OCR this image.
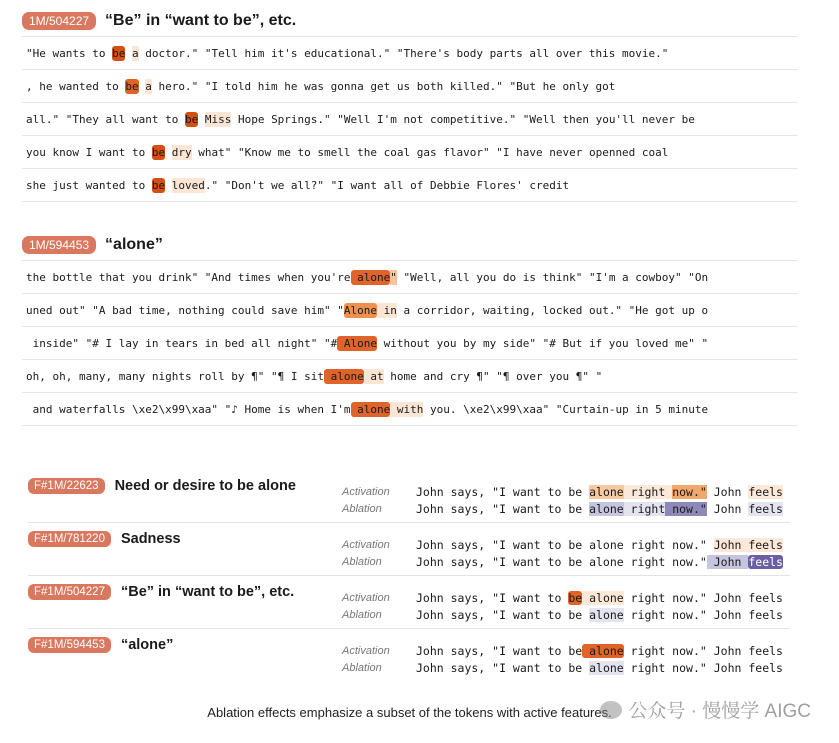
1M/504227	“Be” in “want to be”, etc.
"He wants to be
a doctor." "Tell him it's educational." "There's body parts all over this movie."
, he wanted to be
a hero." "I told him he was gonna get us both killed." "But he only got
all." "They all want to be
Miss Hope Springs." "Well I'm not competitive." "Well then you'll never be
you know I want to be
dry what" "Know me to smell the coal gas flavor" "I have never openned coal
she just wanted to be
loved ." "Don't we all?" "I want all of Debbie Flores' credit
1M/594453	“alone”
the bottle that you drink" "And times when you're alone " "Well, all you do is think" "I'm a cowboy" "On
uned out" "A bad time, nothing could save him" " Alone in a corridor, waiting, locked out." "He got up o
inside" "# I lay in tears in bed all night" "# Alone without you by my side" "# But if you loved me" "
oh, oh, many, many nights roll by ¶" "¶ I sit alone at home and cry ¶" "¶ over you ¶" "
and waterfalls \xe2\x99\xaa" "♪ Home is when I'm alone with you. \xe2\x99\xaa" "Curtain-up in 5 minute
F#1M/22623	Need or desire to be alone	Activation	John says, "I want to be alone right now." John feels
Ablation	John says, "I want to be alone right now." John feels
F#1M/781220	Sadness	Activation	John says, "I want to be alone right now." John feels
Ablation	John says, "I want to be alone right now." John feels
F#1M/504227	“Be” in “want to be”, etc.	Activation	John says, "I want to be alone right now." John feels
Ablation	John says, "I want to be alone right now." John feels
F#1M/594453	“alone”	Activation	John says, "I want to be alone right now." John feels
Ablation	John says, "I want to be alone right now." John feels
Ablation effects emphasize a subset of the tokens with active features. 公众号 · 慢慢学 AIGC
